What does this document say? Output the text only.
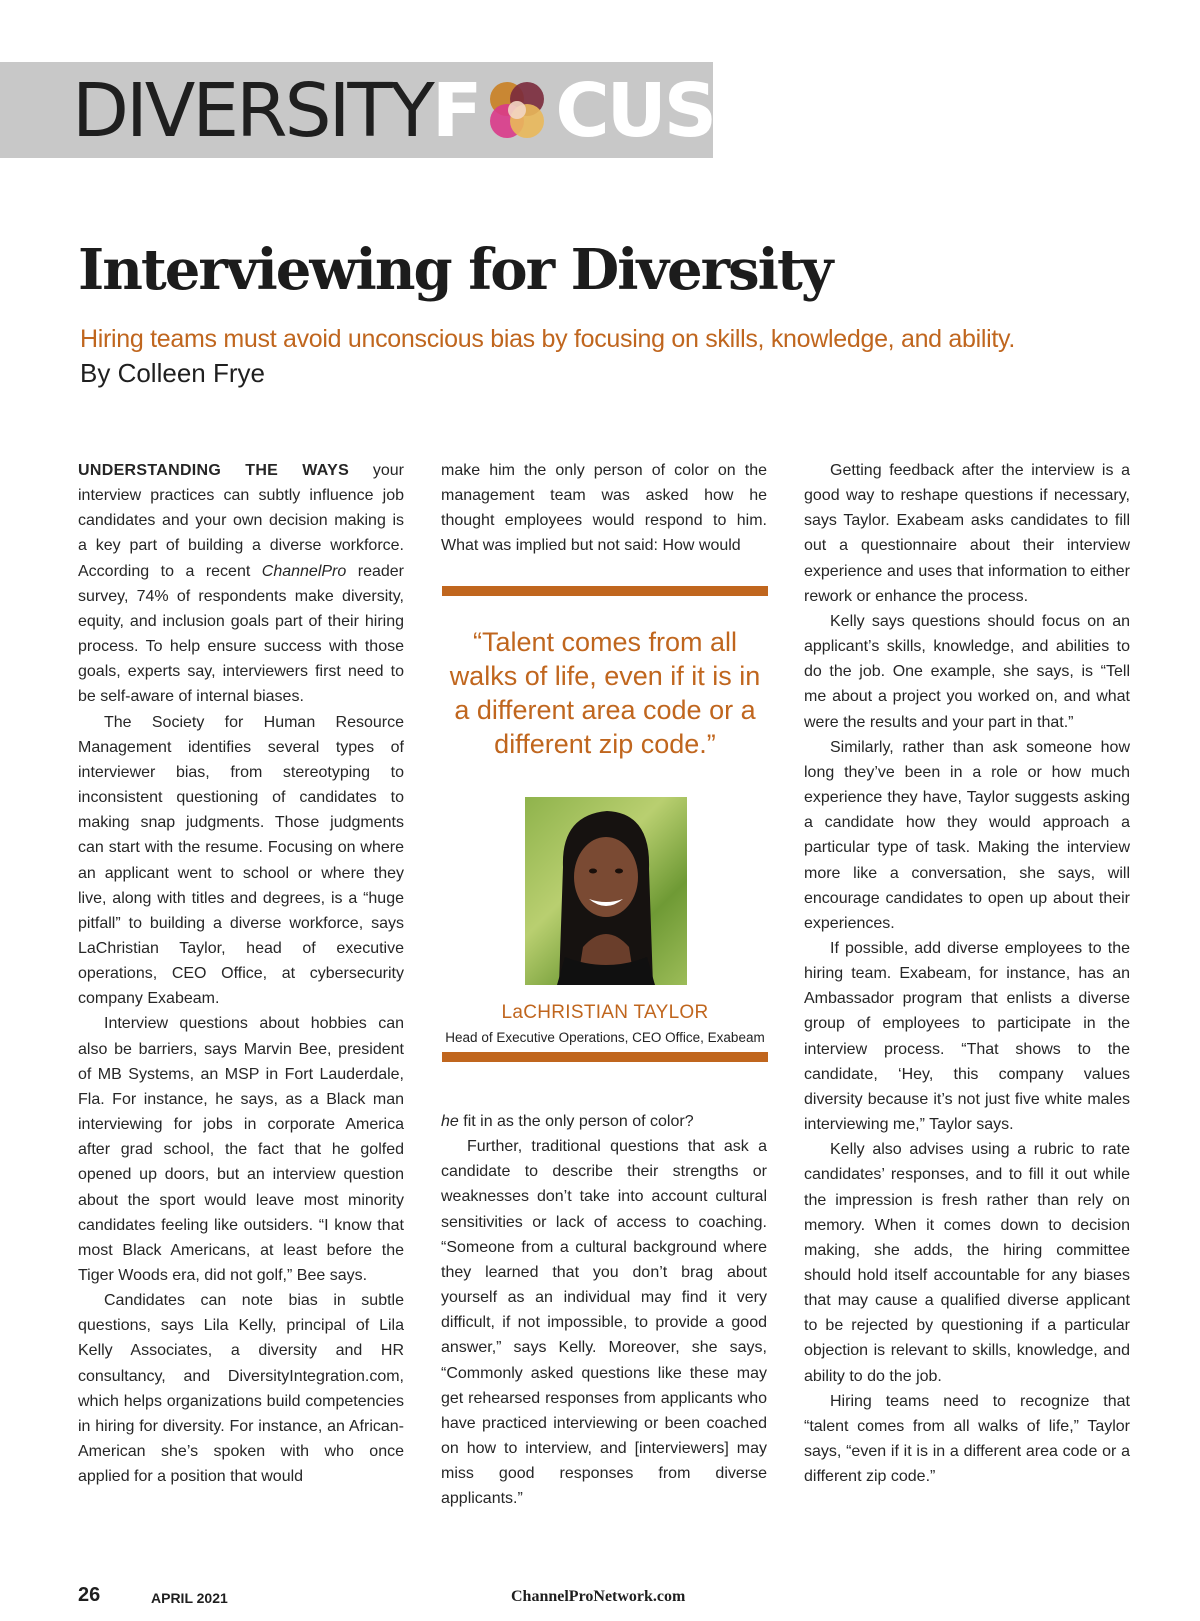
DIVERSITY F CUS
Interviewing for Diversity

Hiring teams must avoid unconscious bias by focusing on skills, knowledge, and ability.

By Colleen Frye

UNDERSTANDING THE WAYS your interview practices can subtly influence job candidates and your own decision making is a key part of building a diverse workforce. According to a recent ChannelPro reader survey, 74% of respondents make diversity, equity, and inclusion goals part of their hiring process. To help ensure success with those goals, experts say, interviewers first need to be self-aware of internal biases.

The Society for Human Resource Management identifies several types of interviewer bias, from stereotyping to inconsistent questioning of candidates to making snap judgments. Those judgments can start with the resume. Focusing on where an applicant went to school or where they live, along with titles and degrees, is a “huge pitfall” to building a diverse workforce, says LaChristian Taylor, head of executive operations, CEO Office, at cybersecurity company Exabeam.

Interview questions about hobbies can also be barriers, says Marvin Bee, president of MB Systems, an MSP in Fort Lauderdale, Fla. For instance, he says, as a Black man interviewing for jobs in corporate America after grad school, the fact that he golfed opened up doors, but an interview question about the sport would leave most minority candidates feeling like outsiders. “I know that most Black Americans, at least before the Tiger Woods era, did not golf,” Bee says.

Candidates can note bias in subtle questions, says Lila Kelly, principal of Lila Kelly Associates, a diversity and HR consultancy, and DiversityIntegration.com, which helps organizations build competencies in hiring for diversity. For instance, an African-American she’s spoken with who once applied for a position that would

make him the only person of color on the management team was asked how he thought employees would respond to him. What was implied but not said: How would

“Talent comes from all walks of life, even if it is in a different area code or a different zip code.”

LaCHRISTIAN TAYLOR

Head of Executive Operations, CEO Office, Exabeam

he fit in as the only person of color?

Further, traditional questions that ask a candidate to describe their strengths or weaknesses don’t take into account cultural sensitivities or lack of access to coaching. “Someone from a cultural background where they learned that you don’t brag about yourself as an individual may find it very difficult, if not impossible, to provide a good answer,” says Kelly. Moreover, she says, “Commonly asked questions like these may get rehearsed responses from applicants who have practiced interviewing or been coached on how to interview, and [interviewers] may miss good responses from diverse applicants.”

Getting feedback after the interview is a good way to reshape questions if necessary, says Taylor. Exabeam asks candidates to fill out a questionnaire about their interview experience and uses that information to either rework or enhance the process.

Kelly says questions should focus on an applicant’s skills, knowledge, and abilities to do the job. One example, she says, is “Tell me about a project you worked on, and what were the results and your part in that.”

Similarly, rather than ask someone how long they’ve been in a role or how much experience they have, Taylor suggests asking a candidate how they would approach a particular type of task. Making the interview more like a conversation, she says, will encourage candidates to open up about their experiences.

If possible, add diverse employees to the hiring team. Exabeam, for instance, has an Ambassador program that enlists a diverse group of employees to participate in the interview process. “That shows to the candidate, ‘Hey, this company values diversity because it’s not just five white males interviewing me,” Taylor says.

Kelly also advises using a rubric to rate candidates’ responses, and to fill it out while the impression is fresh rather than rely on memory. When it comes down to decision making, she adds, the hiring committee should hold itself accountable for any biases that may cause a qualified diverse applicant to be rejected by questioning if a particular objection is relevant to skills, knowledge, and ability to do the job.

Hiring teams need to recognize that “talent comes from all walks of life,” Taylor says, “even if it is in a different area code or a different zip code.”

26	APRIL 2021	ChannelProNetwork.com
